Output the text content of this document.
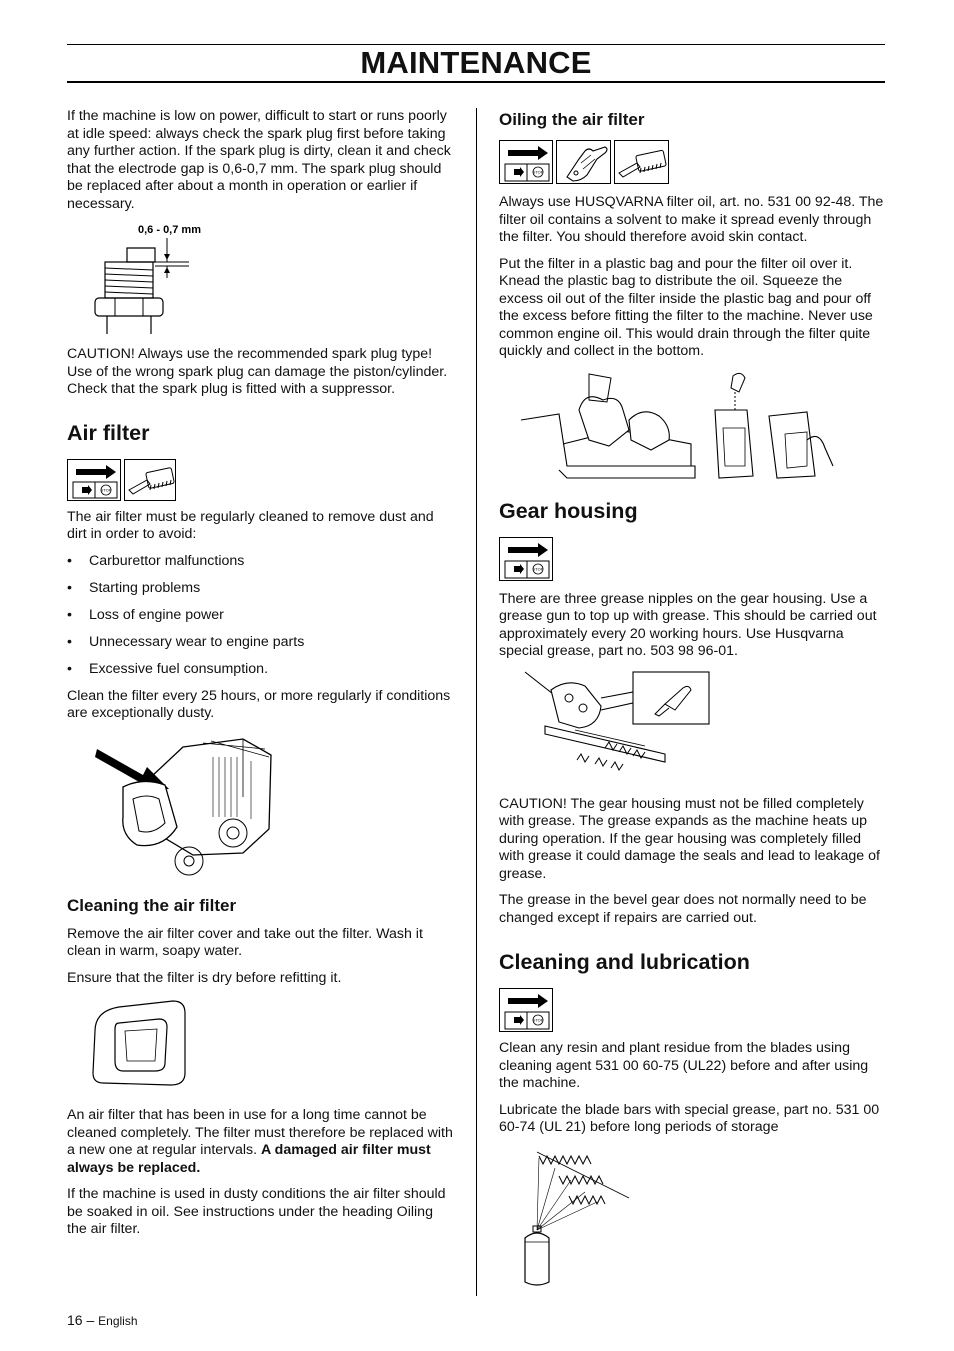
MAINTENANCE

If the machine is low on power, difficult to start or runs poorly at idle speed: always check the spark plug first before taking any further action. If the spark plug is dirty, clean it and check that the electrode gap is 0,6-0,7 mm. The spark plug should be replaced after about a month in operation or earlier if necessary.

0,6 - 0,7 mm

CAUTION! Always use the recommended spark plug type! Use of the wrong spark plug can damage the piston/cylinder. Check that the spark plug is fitted with a suppressor.

Air filter
STOP

The air filter must be regularly cleaned to remove dust and dirt in order to avoid:

• Carburettor malfunctions
• Starting problems
• Loss of engine power
• Unnecessary wear to engine parts
• Excessive fuel consumption.

Clean the filter every 25 hours, or more regularly if conditions are exceptionally dusty.

Cleaning the air filter

Remove the air filter cover and take out the filter. Wash it clean in warm, soapy water.

Ensure that the filter is dry before refitting it.

An air filter that has been in use for a long time cannot be cleaned completely. The filter must therefore be replaced with a new one at regular intervals. A damaged air filter must always be replaced.

If the machine is used in dusty conditions the air filter should be soaked in oil. See instructions under the heading Oiling the air filter.

Oiling the air filter
STOP

Always use HUSQVARNA filter oil, art. no. 531 00 92-48. The filter oil contains a solvent to make it spread evenly through the filter. You should therefore avoid skin contact.

Put the filter in a plastic bag and pour the filter oil over it. Knead the plastic bag to distribute the oil. Squeeze the excess oil out of the filter inside the plastic bag and pour off the excess before fitting the filter to the machine. Never use common engine oil. This would drain through the filter quite quickly and collect in the bottom.

Gear housing
STOP

There are three grease nipples on the gear housing. Use a grease gun to top up with grease. This should be carried out approximately every 20 working hours. Use Husqvarna special grease, part no. 503 98 96-01.

CAUTION! The gear housing must not be filled completely with grease. The grease expands as the machine heats up during operation. If the gear housing was completely filled with grease it could damage the seals and lead to leakage of grease.

The grease in the bevel gear does not normally need to be changed except if repairs are carried out.

Cleaning and lubrication
STOP

Clean any resin and plant residue from the blades using cleaning agent 531 00 60-75 (UL22) before and after using the machine.

Lubricate the blade bars with special grease, part no. 531 00 60-74 (UL 21) before long periods of storage

16 – English
